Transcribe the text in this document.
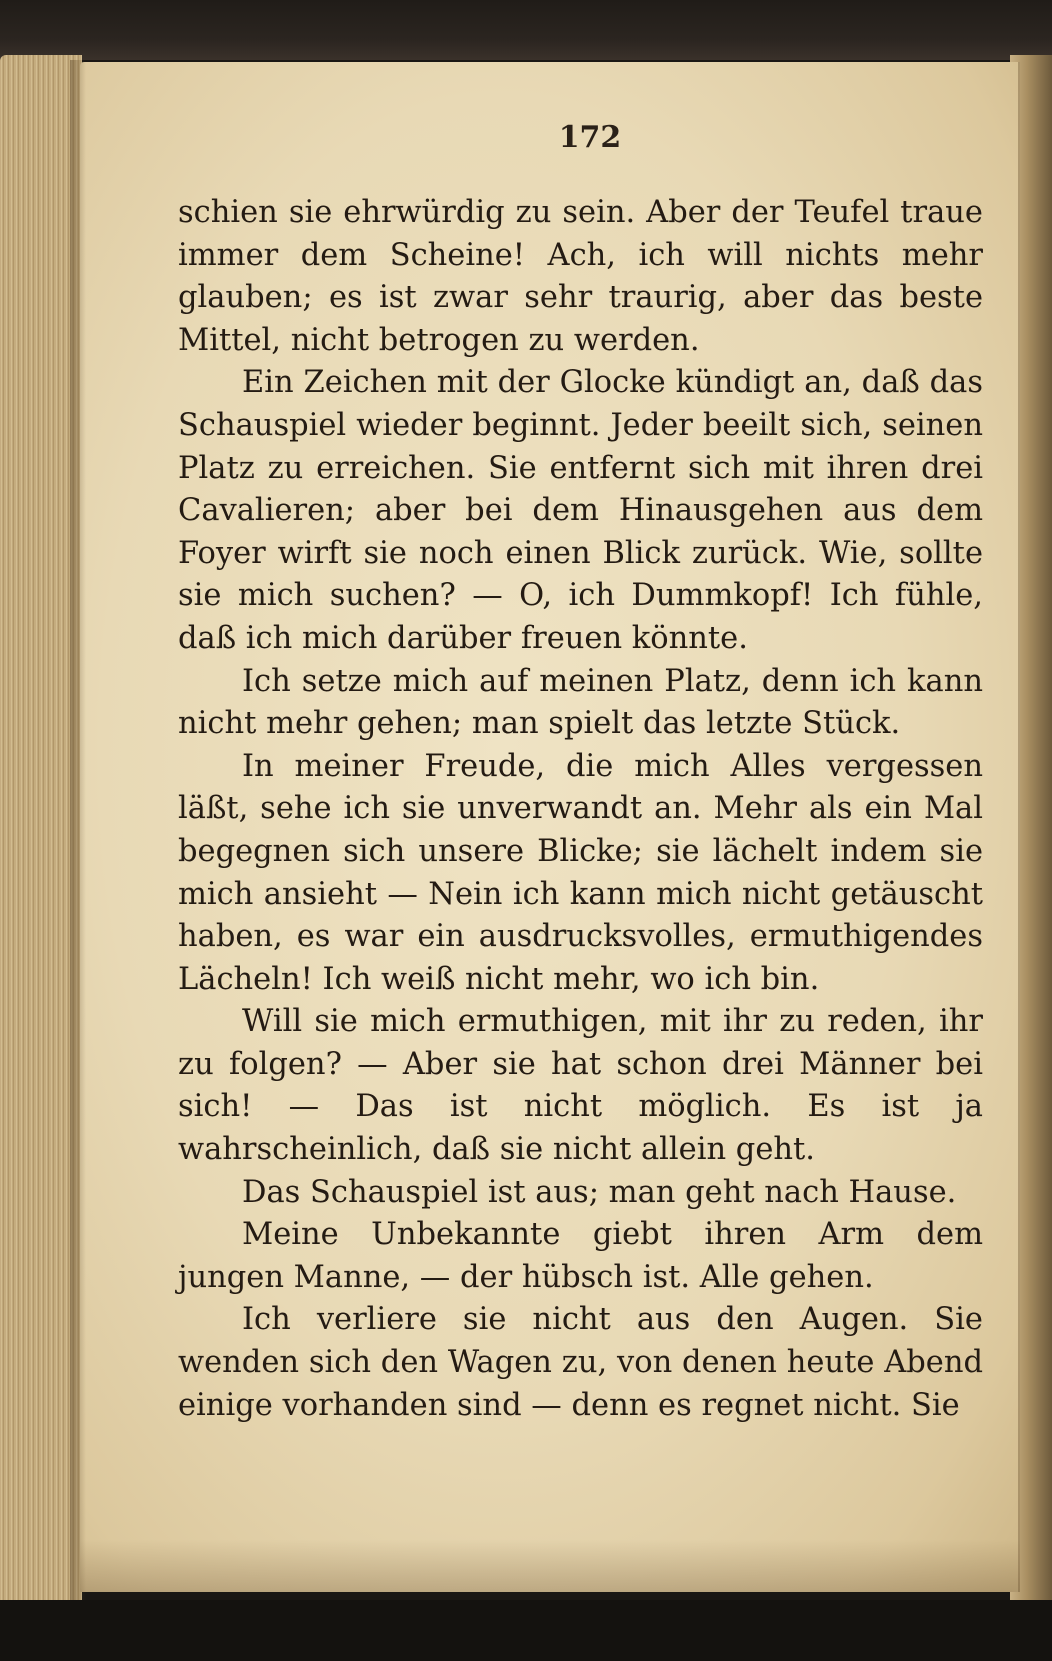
172

schien sie ehrwürdig zu sein. Aber der Teufel traue immer dem Scheine! Ach, ich will nichts mehr glauben; es ist zwar sehr traurig, aber das beste Mittel, nicht betrogen zu werden.

Ein Zeichen mit der Glocke kündigt an, daß das Schauspiel wieder beginnt. Jeder beeilt sich, seinen Platz zu erreichen. Sie entfernt sich mit ihren drei Cavalieren; aber bei dem Hinausgehen aus dem Foyer wirft sie noch einen Blick zurück. Wie, sollte sie mich suchen? — O, ich Dummkopf! Ich fühle, daß ich mich darüber freuen könnte.

Ich setze mich auf meinen Platz, denn ich kann nicht mehr gehen; man spielt das letzte Stück.

In meiner Freude, die mich Alles vergessen läßt, sehe ich sie unverwandt an. Mehr als ein Mal begegnen sich unsere Blicke; sie lächelt indem sie mich ansieht — Nein ich kann mich nicht getäuscht haben, es war ein ausdrucksvolles, ermuthigendes Lächeln! Ich weiß nicht mehr, wo ich bin.

Will sie mich ermuthigen, mit ihr zu reden, ihr zu folgen? — Aber sie hat schon drei Männer bei sich! — Das ist nicht möglich. Es ist ja wahrscheinlich, daß sie nicht allein geht.

Das Schauspiel ist aus; man geht nach Hause.

Meine Unbekannte giebt ihren Arm dem jungen Manne, — der hübsch ist. Alle gehen.

Ich verliere sie nicht aus den Augen. Sie wenden sich den Wagen zu, von denen heute Abend einige vorhanden sind — denn es regnet nicht. Sie
